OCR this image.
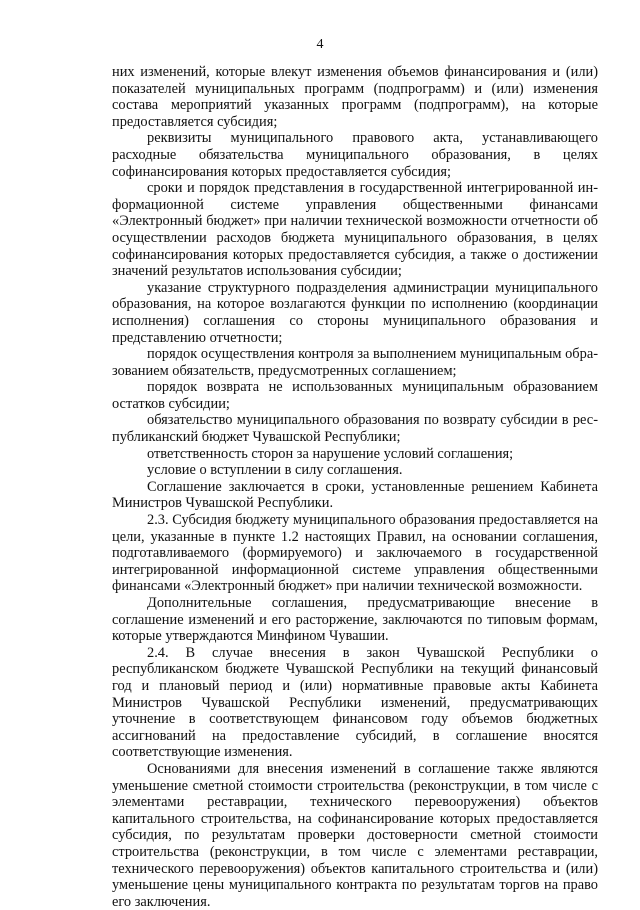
4

них изменений, которые влекут изменения объемов финансирования и (или) показателей муниципальных программ (подпрограмм) и (или) изменения состава мероприятий указанных программ (подпрограмм), на которые предоставляется субсидия;

реквизиты муниципального правового акта, устанавливающего расходные обязательства муниципального образования, в целях софинансирования которых предоставляется субсидия;

сроки и порядок представления в государственной интегрированной информационной системе управления общественными финансами «Электронный бюджет» при наличии технической возможности отчетности об осуществлении расходов бюджета муниципального образования, в целях софинансирования которых предоставляется субсидия, а также о достижении значений результатов использования субсидии;

указание структурного подразделения администрации муниципального образования, на которое возлагаются функции по исполнению (координации исполнения) соглашения со стороны муниципального образования и представлению отчетности;

порядок осуществления контроля за выполнением муниципальным образованием обязательств, предусмотренных соглашением;

порядок возврата не использованных муниципальным образованием остатков субсидии;

обязательство муниципального образования по возврату субсидии в республиканский бюджет Чувашской Республики;

ответственность сторон за нарушение условий соглашения;

условие о вступлении в силу соглашения.

Соглашение заключается в сроки, установленные решением Кабинета Министров Чувашской Республики.

2.3. Субсидия бюджету муниципального образования предоставляется на цели, указанные в пункте 1.2 настоящих Правил, на основании соглашения, подготавливаемого (формируемого) и заключаемого в государственной интегрированной информационной системе управления общественными финансами «Электронный бюджет» при наличии технической возможности.

Дополнительные соглашения, предусматривающие внесение в соглашение изменений и его расторжение, заключаются по типовым формам, которые утверждаются Минфином Чувашии.

2.4. В случае внесения в закон Чувашской Республики о республиканском бюджете Чувашской Республики на текущий финансовый год и плановый период и (или) нормативные правовые акты Кабинета Министров Чувашской Республики изменений, предусматривающих уточнение в соответствующем финансовом году объемов бюджетных ассигнований на предоставление субсидий, в соглашение вносятся соответствующие изменения.

Основаниями для внесения изменений в соглашение также являются уменьшение сметной стоимости строительства (реконструкции, в том числе с элементами реставрации, технического перевооружения) объектов капитального строительства, на софинансирование которых предоставляется субсидия, по результатам проверки достоверности сметной стоимости строительства (реконструкции, в том числе с элементами реставрации, технического перевооружения) объектов капитального строительства и (или) уменьшение цены муниципального контракта по результатам торгов на право его заключения.
